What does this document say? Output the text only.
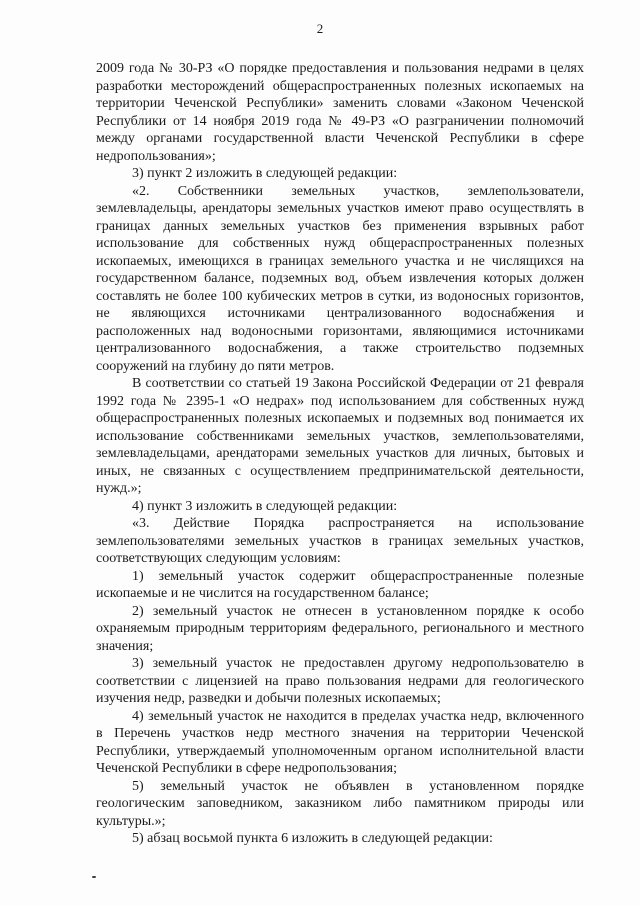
2

2009 года № 30-РЗ «О порядке предоставления и пользования недрами в целях разработки месторождений общераспространенных полезных ископаемых на территории Чеченской Республики» заменить словами «Законом Чеченской Республики от 14 ноября 2019 года № 49-РЗ «О разграничении полномочий между органами государственной власти Чеченской Республики в сфере недропользования»;

3) пункт 2 изложить в следующей редакции:

«2. Собственники земельных участков, землепользователи, землевладельцы, арендаторы земельных участков имеют право осуществлять в границах данных земельных участков без применения взрывных работ использование для собственных нужд общераспространенных полезных ископаемых, имеющихся в границах земельного участка и не числящихся на государственном балансе, подземных вод, объем извлечения которых должен составлять не более 100 кубических метров в сутки, из водоносных горизонтов, не являющихся источниками централизованного водоснабжения и расположенных над водоносными горизонтами, являющимися источниками централизованного водоснабжения, а также строительство подземных сооружений на глубину до пяти метров.

В соответствии со статьей 19 Закона Российской Федерации от 21 февраля 1992 года № 2395-1 «О недрах» под использованием для собственных нужд общераспространенных полезных ископаемых и подземных вод понимается их использование собственниками земельных участков, землепользователями, землевладельцами, арендаторами земельных участков для личных, бытовых и иных, не связанных с осуществлением предпринимательской деятельности, нужд.»;

4) пункт 3 изложить в следующей редакции:

«3. Действие Порядка распространяется на использование землепользователями земельных участков в границах земельных участков, соответствующих следующим условиям:

1) земельный участок содержит общераспространенные полезные ископаемые и не числится на государственном балансе;

2) земельный участок не отнесен в установленном порядке к особо охраняемым природным территориям федерального, регионального и местного значения;

3) земельный участок не предоставлен другому недропользователю в соответствии с лицензией на право пользования недрами для геологического изучения недр, разведки и добычи полезных ископаемых;

4) земельный участок не находится в пределах участка недр, включенного в Перечень участков недр местного значения на территории Чеченской Республики, утверждаемый уполномоченным органом исполнительной власти Чеченской Республики в сфере недропользования;

5) земельный участок не объявлен в установленном порядке геологическим заповедником, заказником либо памятником природы или культуры.»;

5) абзац восьмой пункта 6 изложить в следующей редакции:
